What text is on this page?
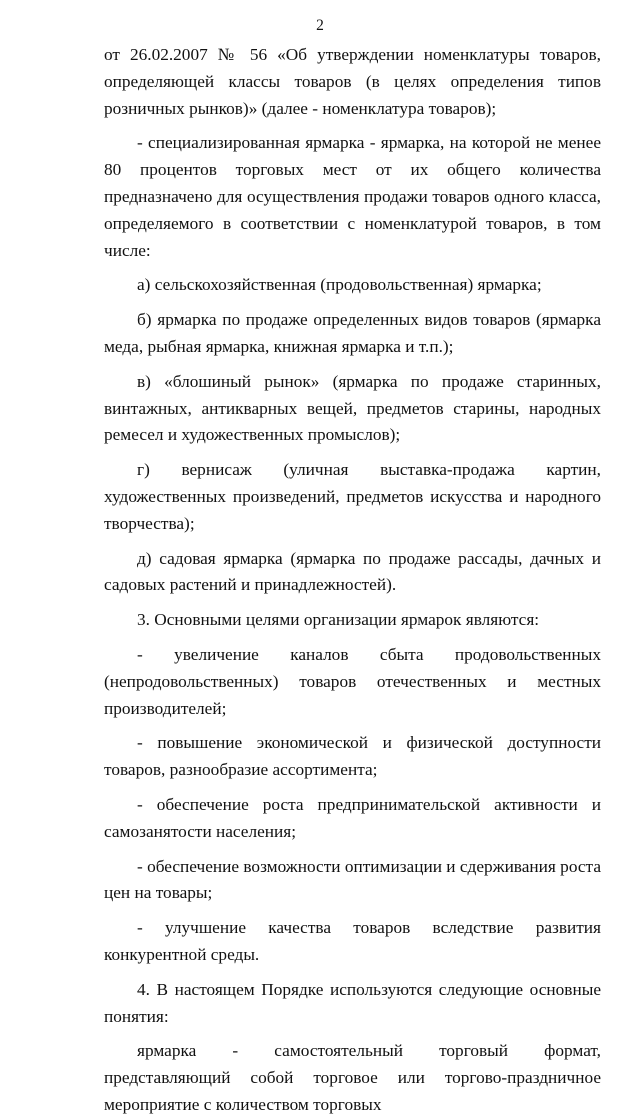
2

от 26.02.2007 № 56 «Об утверждении номенклатуры товаров, определяющей классы товаров (в целях определения типов розничных рынков)» (далее - номенклатура товаров);

- специализированная ярмарка - ярмарка, на которой не менее 80 процентов торговых мест от их общего количества предназначено для осуществления продажи товаров одного класса, определяемого в соответствии с номенклатурой товаров, в том числе:

а) сельскохозяйственная (продовольственная) ярмарка;

б) ярмарка по продаже определенных видов товаров (ярмарка меда, рыбная ярмарка, книжная ярмарка и т.п.);

в) «блошиный рынок» (ярмарка по продаже старинных, винтажных, антикварных вещей, предметов старины, народных ремесел и художественных промыслов);

г) вернисаж (уличная выставка-продажа картин, художественных произведений, предметов искусства и народного творчества);

д) садовая ярмарка (ярмарка по продаже рассады, дачных и садовых растений и принадлежностей).

3. Основными целями организации ярмарок являются:

- увеличение каналов сбыта продовольственных (непродовольственных) товаров отечественных и местных производителей;

- повышение экономической и физической доступности товаров, разнообразие ассортимента;

- обеспечение роста предпринимательской активности и самозанятости населения;

- обеспечение возможности оптимизации и сдерживания роста цен на товары;

- улучшение качества товаров вследствие развития конкурентной среды.

4. В настоящем Порядке используются следующие основные понятия:

ярмарка - самостоятельный торговый формат, представляющий собой торговое или торгово-праздничное мероприятие с количеством торговых
